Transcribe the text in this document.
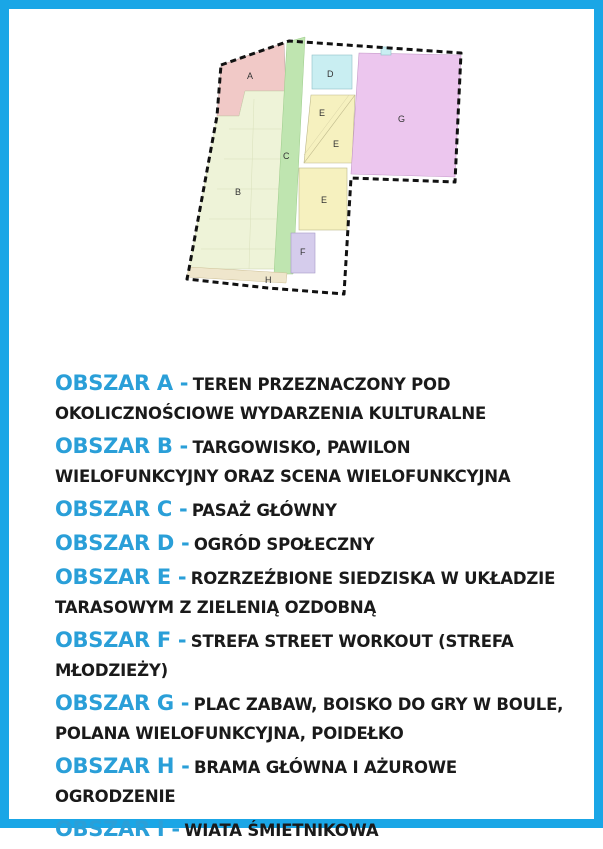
A
B
C
D
E
E
E
F
G
H
OBSZAR A - TEREN PRZEZNACZONY POD OKOLICZNOŚCIOWE WYDARZENIA KULTURALNE
OBSZAR B - TARGOWISKO, PAWILON WIELOFUNKCYJNY ORAZ SCENA WIELOFUNKCYJNA
OBSZAR C - PASAŻ GŁÓWNY
OBSZAR D - OGRÓD SPOŁECZNY
OBSZAR E - ROZRZEŹBIONE SIEDZISKA W UKŁADZIE TARASOWYM Z ZIELENIĄ OZDOBNĄ
OBSZAR F - STREFA STREET WORKOUT (STREFA MŁODZIEŻY)
OBSZAR G - PLAC ZABAW, BOISKO DO GRY W BOULE, POLANA WIELOFUNKCYJNA, POIDEŁKO
OBSZAR H - BRAMA GŁÓWNA I AŻUROWE OGRODZENIE
OBSZAR I - WIATA ŚMIETNIKOWA
